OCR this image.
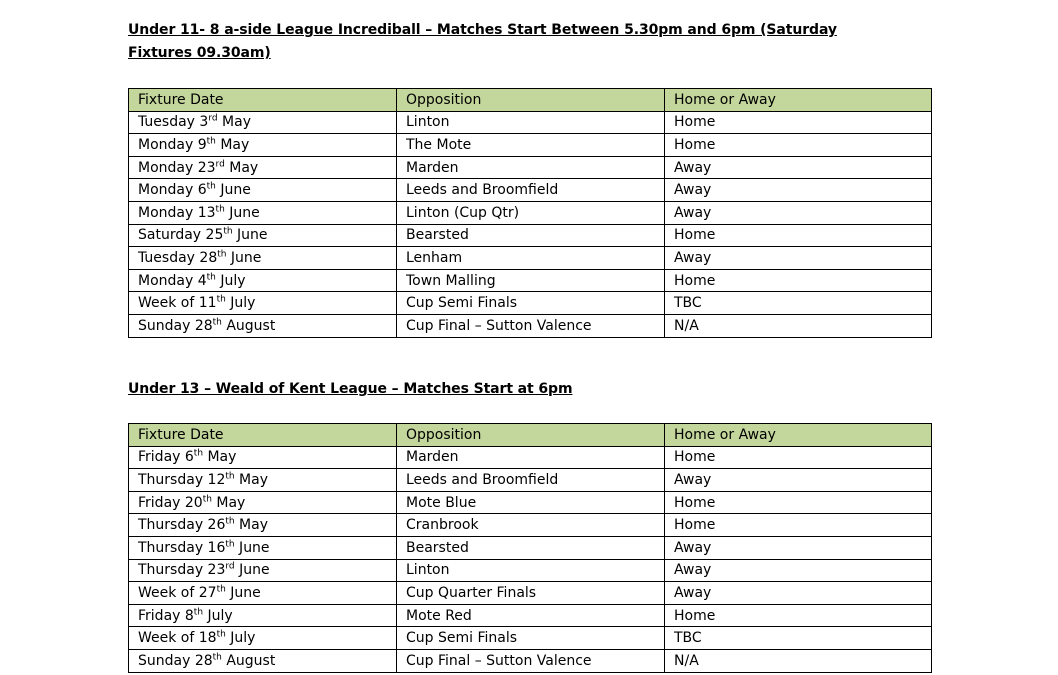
Under 11- 8 a-side League Incrediball – Matches Start Between 5.30pm and 6pm (Saturday Fixtures 09.30am)
Fixture Date	Opposition	Home or Away
Tuesday 3rd May	Linton	Home
Monday 9th May	The Mote	Home
Monday 23rd May	Marden	Away
Monday 6th June	Leeds and Broomfield	Away
Monday 13th June	Linton (Cup Qtr)	Away
Saturday 25th June	Bearsted	Home
Tuesday 28th June	Lenham	Away
Monday 4th July	Town Malling	Home
Week of 11th July	Cup Semi Finals	TBC
Sunday 28th August	Cup Final – Sutton Valence	N/A
Under 13 – Weald of Kent League – Matches Start at 6pm
Fixture Date	Opposition	Home or Away
Friday 6th May	Marden	Home
Thursday 12th May	Leeds and Broomfield	Away
Friday 20th May	Mote Blue	Home
Thursday 26th May	Cranbrook	Home
Thursday 16th June	Bearsted	Away
Thursday 23rd June	Linton	Away
Week of 27th June	Cup Quarter Finals	Away
Friday 8th July	Mote Red	Home
Week of 18th July	Cup Semi Finals	TBC
Sunday 28th August	Cup Final – Sutton Valence	N/A
